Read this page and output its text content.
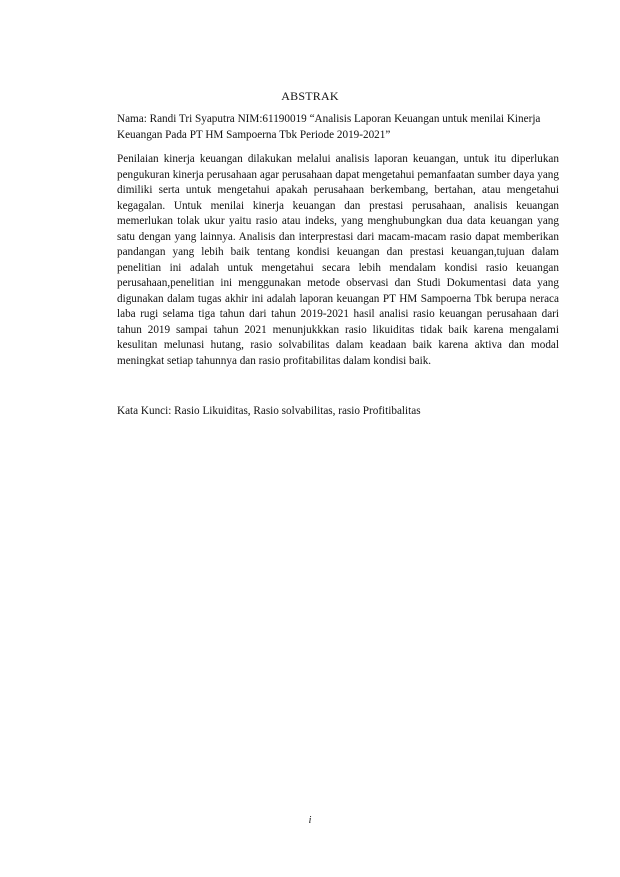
ABSTRAK
Nama: Randi Tri Syaputra NIM:61190019 “Analisis Laporan Keuangan untuk menilai Kinerja Keuangan Pada PT HM Sampoerna Tbk Periode 2019-2021”

Penilaian kinerja keuangan dilakukan melalui analisis laporan keuangan, untuk itu diperlukan pengukuran kinerja perusahaan agar perusahaan dapat mengetahui pemanfaatan sumber daya yang dimiliki serta untuk mengetahui apakah perusahaan berkembang, bertahan, atau mengetahui kegagalan. Untuk menilai kinerja keuangan dan prestasi perusahaan, analisis keuangan memerlukan tolak ukur yaitu rasio atau indeks, yang menghubungkan dua data keuangan yang satu dengan yang lainnya. Analisis dan interprestasi dari macam-macam rasio dapat memberikan pandangan yang lebih baik tentang kondisi keuangan dan prestasi keuangan,tujuan dalam penelitian ini adalah untuk mengetahui secara lebih mendalam kondisi rasio keuangan perusahaan,penelitian ini menggunakan metode observasi dan Studi Dokumentasi data yang digunakan dalam tugas akhir ini adalah laporan keuangan PT HM Sampoerna Tbk berupa neraca laba rugi selama tiga tahun dari tahun 2019-2021 hasil analisi rasio keuangan perusahaan dari tahun 2019 sampai tahun 2021 menunjukkkan rasio likuiditas tidak baik karena mengalami kesulitan melunasi hutang, rasio solvabilitas dalam keadaan baik karena aktiva dan modal meningkat setiap tahunnya dan rasio profitabilitas dalam kondisi baik.

Kata Kunci: Rasio Likuiditas, Rasio solvabilitas, rasio Profitibalitas
i
